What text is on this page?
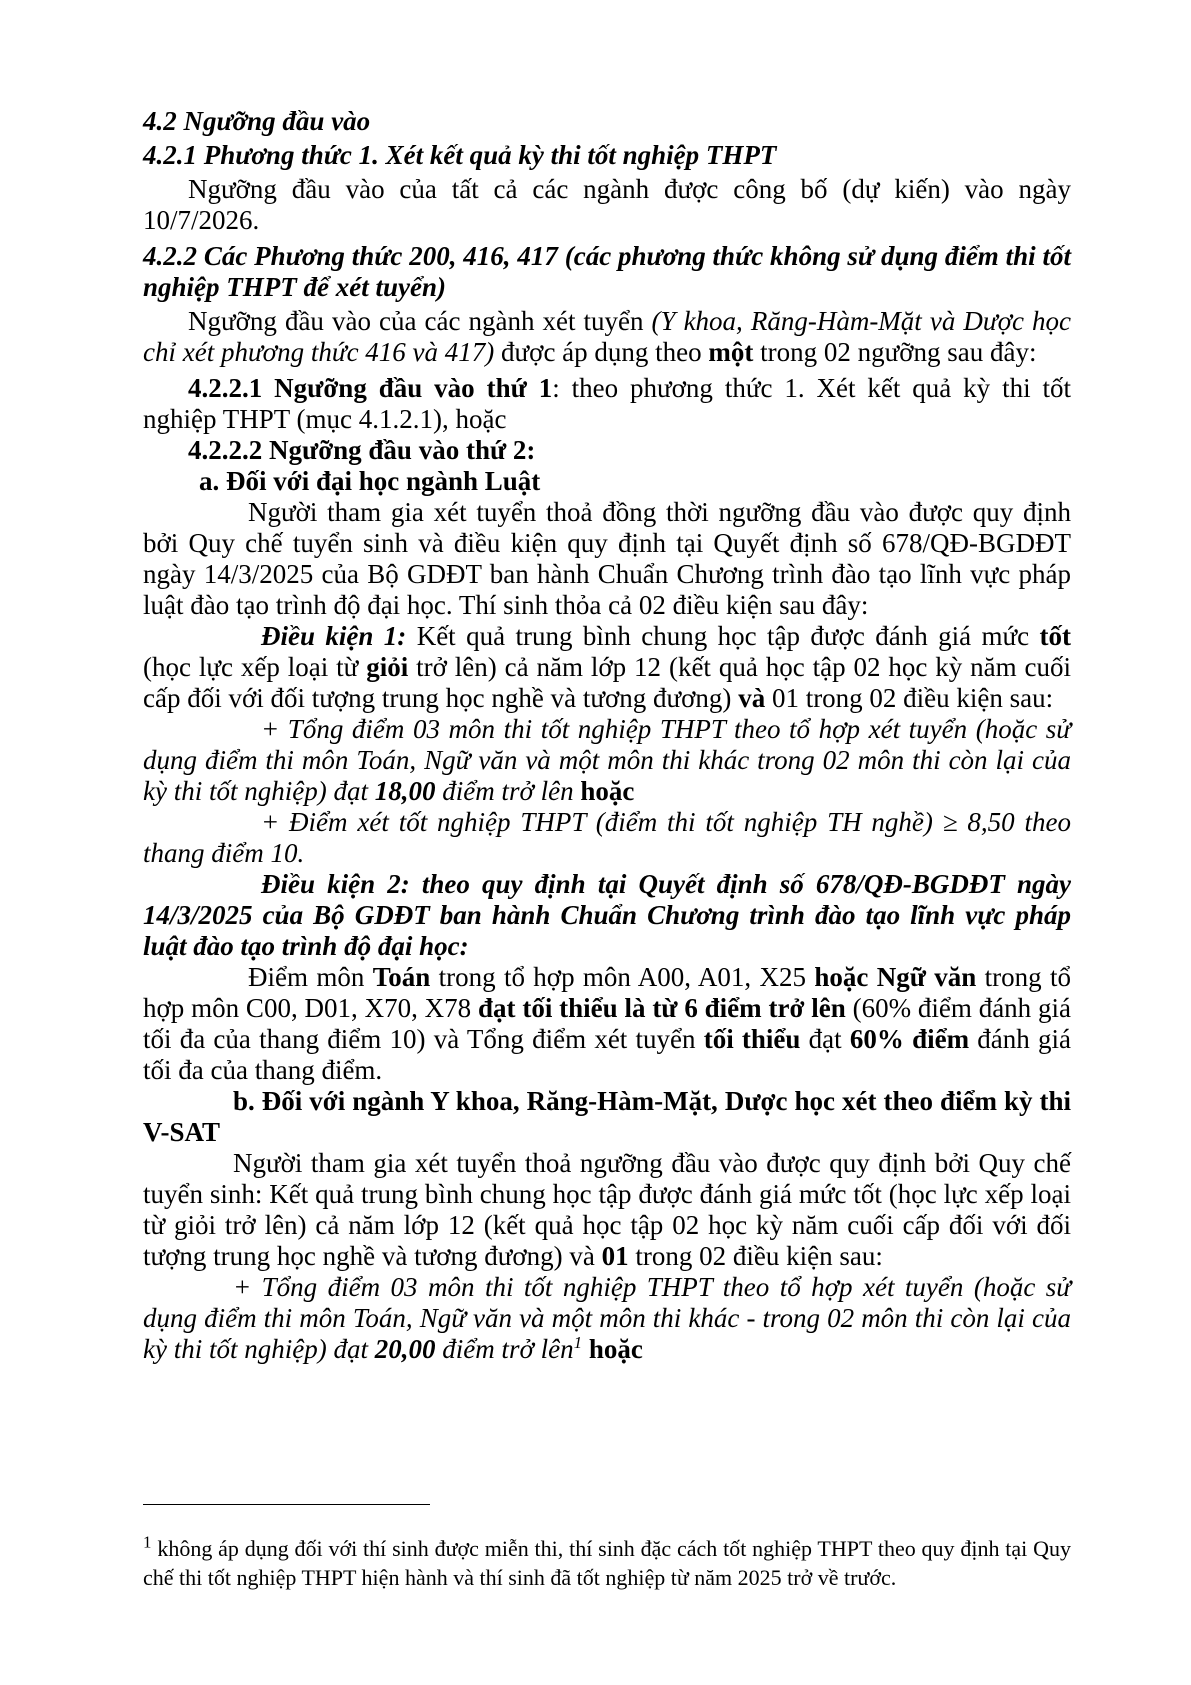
4.2 Ngưỡng đầu vào

4.2.1 Phương thức 1. Xét kết quả kỳ thi tốt nghiệp THPT

Ngưỡng đầu vào của tất cả các ngành được công bố (dự kiến) vào ngày 10/7/2026.

4.2.2 Các Phương thức 200, 416, 417 (các phương thức không sử dụng điểm thi tốt nghiệp THPT để xét tuyển)

Ngưỡng đầu vào của các ngành xét tuyển (Y khoa, Răng-Hàm-Mặt và Dược học chỉ xét phương thức 416 và 417) được áp dụng theo một trong 02 ngưỡng sau đây:

4.2.2.1 Ngưỡng đầu vào thứ 1: theo phương thức 1. Xét kết quả kỳ thi tốt nghiệp THPT (mục 4.1.2.1), hoặc

4.2.2.2 Ngưỡng đầu vào thứ 2:

a. Đối với đại học ngành Luật

Người tham gia xét tuyển thoả đồng thời ngưỡng đầu vào được quy định bởi Quy chế tuyển sinh và điều kiện quy định tại Quyết định số 678/QĐ-BGDĐT ngày 14/3/2025 của Bộ GDĐT ban hành Chuẩn Chương trình đào tạo lĩnh vực pháp luật đào tạo trình độ đại học. Thí sinh thỏa cả 02 điều kiện sau đây:

Điều kiện 1: Kết quả trung bình chung học tập được đánh giá mức tốt (học lực xếp loại từ giỏi trở lên) cả năm lớp 12 (kết quả học tập 02 học kỳ năm cuối cấp đối với đối tượng trung học nghề và tương đương) và 01 trong 02 điều kiện sau:

+ Tổng điểm 03 môn thi tốt nghiệp THPT theo tổ hợp xét tuyển (hoặc sử dụng điểm thi môn Toán, Ngữ văn và một môn thi khác trong 02 môn thi còn lại của kỳ thi tốt nghiệp) đạt 18,00 điểm trở lên hoặc

+ Điểm xét tốt nghiệp THPT (điểm thi tốt nghiệp TH nghề) ≥ 8,50 theo thang điểm 10.

Điều kiện 2: theo quy định tại Quyết định số 678/QĐ-BGDĐT ngày 14/3/2025 của Bộ GDĐT ban hành Chuẩn Chương trình đào tạo lĩnh vực pháp luật đào tạo trình độ đại học:

Điểm môn Toán trong tổ hợp môn A00, A01, X25 hoặc Ngữ văn trong tổ hợp môn C00, D01, X70, X78 đạt tối thiểu là từ 6 điểm trở lên (60% điểm đánh giá tối đa của thang điểm 10) và Tổng điểm xét tuyển tối thiểu đạt 60% điểm đánh giá tối đa của thang điểm.

b. Đối với ngành Y khoa, Răng-Hàm-Mặt, Dược học xét theo điểm kỳ thi V-SAT

Người tham gia xét tuyển thoả ngưỡng đầu vào được quy định bởi Quy chế tuyển sinh: Kết quả trung bình chung học tập được đánh giá mức tốt (học lực xếp loại từ giỏi trở lên) cả năm lớp 12 (kết quả học tập 02 học kỳ năm cuối cấp đối với đối tượng trung học nghề và tương đương) và 01 trong 02 điều kiện sau:

+ Tổng điểm 03 môn thi tốt nghiệp THPT theo tổ hợp xét tuyển (hoặc sử dụng điểm thi môn Toán, Ngữ văn và một môn thi khác - trong 02 môn thi còn lại của kỳ thi tốt nghiệp) đạt 20,00 điểm trở lên$^1$ hoặc

$^1$ không áp dụng đối với thí sinh được miễn thi, thí sinh đặc cách tốt nghiệp THPT theo quy định tại Quy chế thi tốt nghiệp THPT hiện hành và thí sinh đã tốt nghiệp từ năm 2025 trở về trước.
